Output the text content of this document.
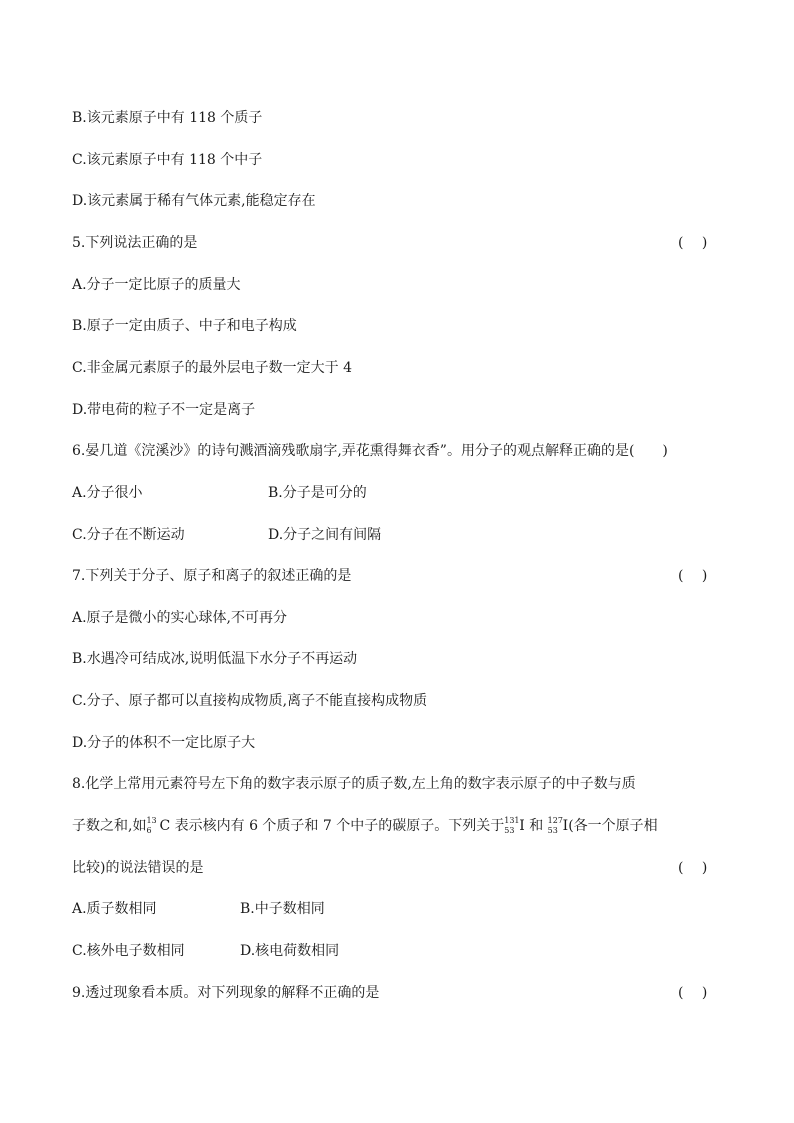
B.该元素原子中有 118 个质子
C.该元素原子中有 118 个中子
D.该元素属于稀有气体元素,能稳定存在
5.下列说法正确的是	( )
A.分子一定比原子的质量大
B.原子一定由质子、中子和电子构成
C.非金属元素原子的最外层电子数一定大于 4
D.带电荷的粒子不一定是离子
6.晏几道《浣溪沙》的诗句溅酒滴残歌扇字,弄花熏得舞衣香”。用分子的观点解释正确的是(　　)
A.分子很小	B.分子是可分的
C.分子在不断运动	D.分子之间有间隔
7.下列关于分子、原子和离子的叙述正确的是	( )
A.原子是微小的实心球体,不可再分
B.水遇冷可结成冰,说明低温下水分子不再运动
C.分子、原子都可以直接构成物质,离子不能直接构成物质
D.分子的体积不一定比原子大
8.化学上常用元素符号左下角的数字表示原子的质子数,左上角的数字表示原子的中子数与质
子数之和,如 13
6 C 表示核内有 6 个质子和 7 个中子的碳原子。下列关于 131
53 I 和 127
53 I(各一个原子相
比较)的说法错误的是	( )
A.质子数相同	B.中子数相同
C.核外电子数相同	D.核电荷数相同
9.透过现象看本质。对下列现象的解释不正确的是	( )
